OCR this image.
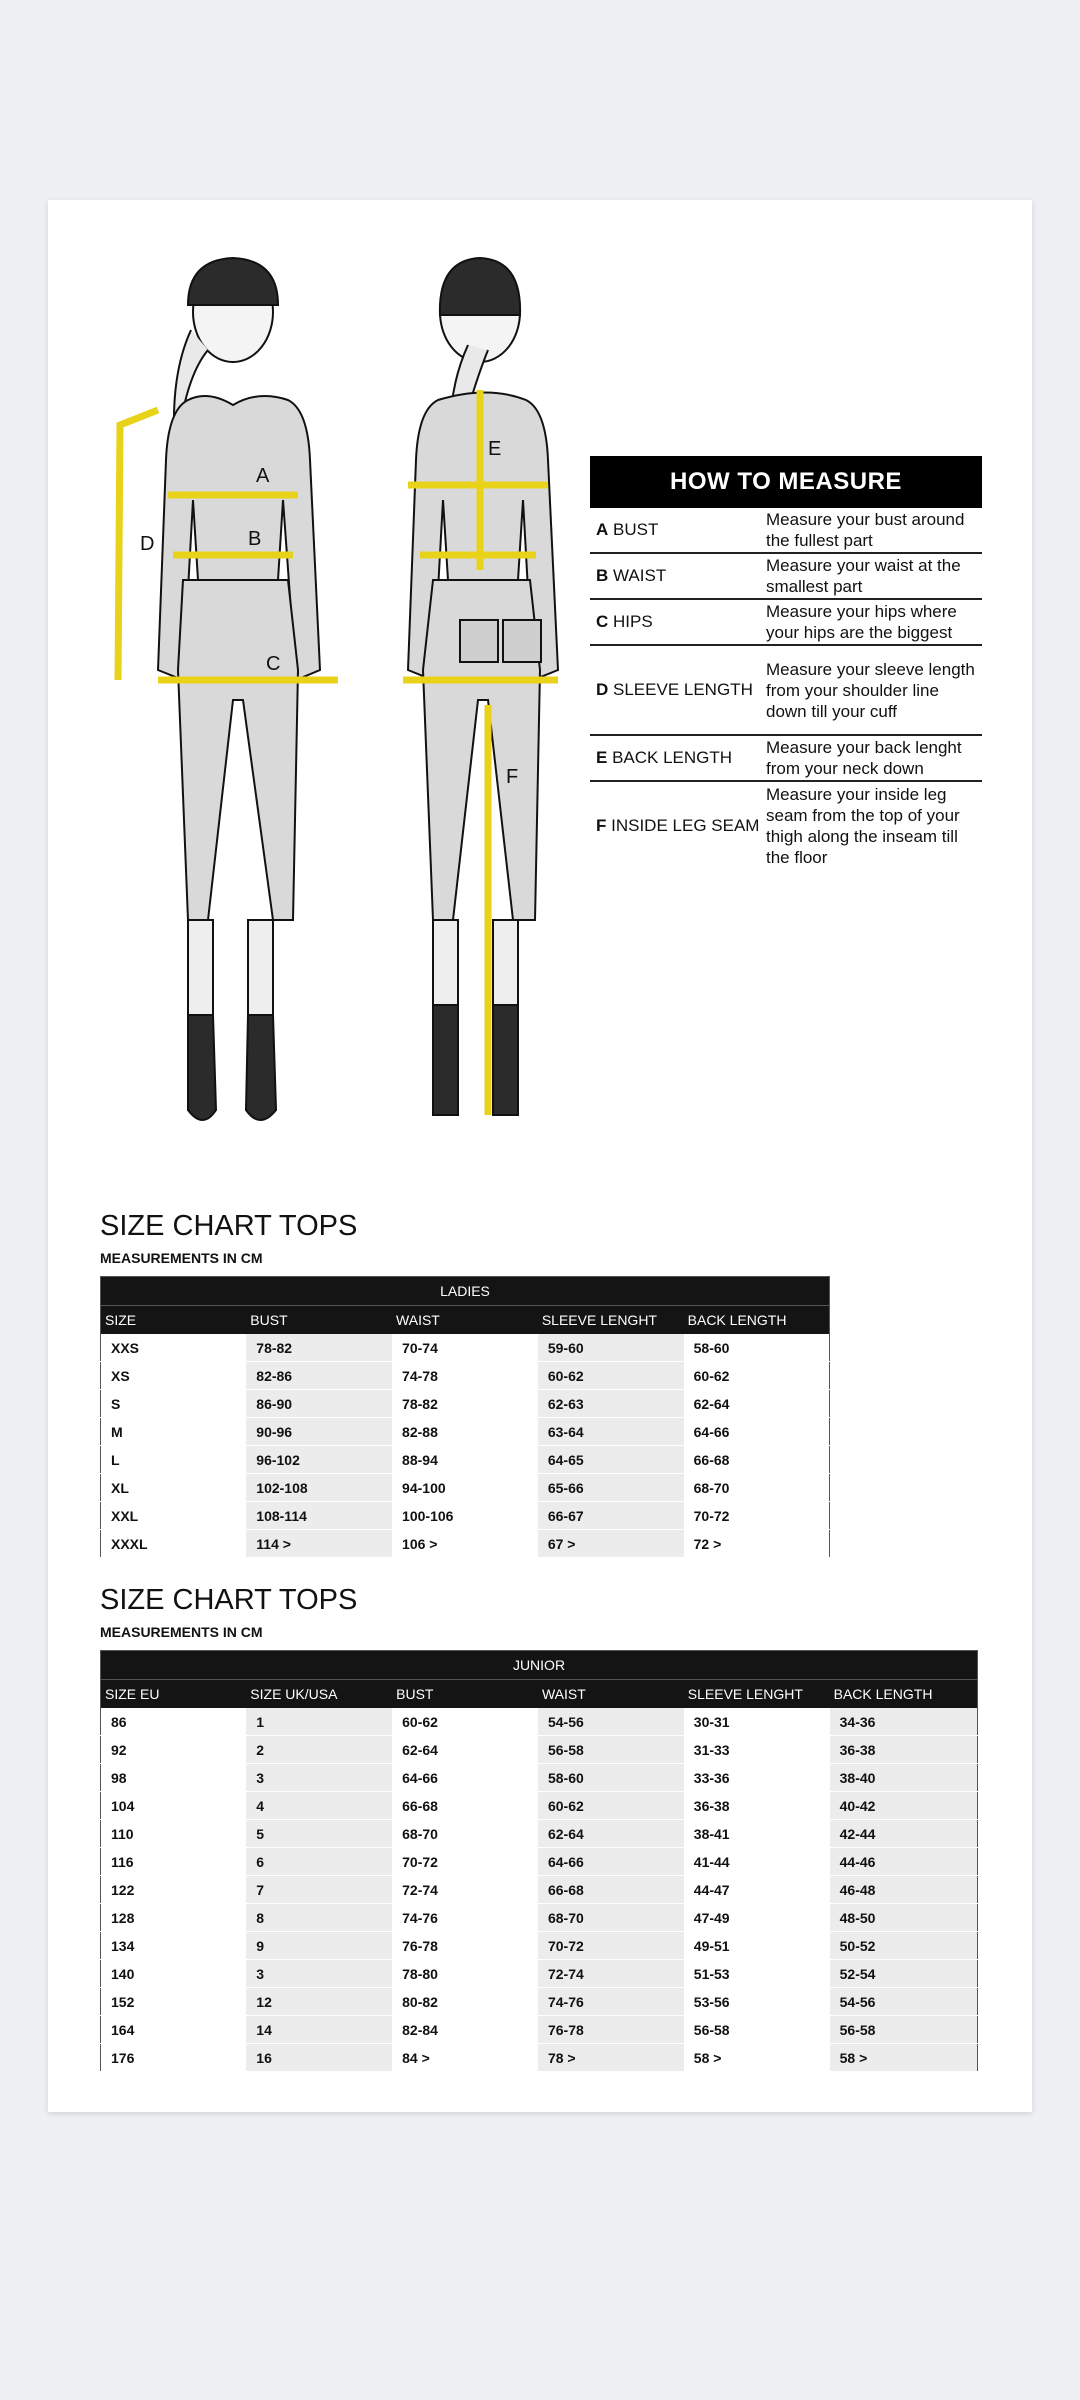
A
B
C
D
E
F
HOW TO MEASURE
A BUST
Measure your bust around the fullest part
B WAIST
Measure your waist at the smallest part
C HIPS
Measure your hips where your hips are the biggest
D SLEEVE LENGTH
Measure your sleeve length from your shoulder line down till your cuff
E BACK LENGTH
Measure your back lenght from your neck down
F INSIDE LEG SEAM
Measure your inside leg seam from the top of your thigh along the inseam till the floor
SIZE CHART TOPS
MEASUREMENTS IN CM
LADIES				
SIZE	BUST	WAIST	SLEEVE LENGHT	BACK LENGTH
XXS	78-82	70-74	59-60	58-60
XS	82-86	74-78	60-62	60-62
S	86-90	78-82	62-63	62-64
M	90-96	82-88	63-64	64-66
L	96-102	88-94	64-65	66-68
XL	102-108	94-100	65-66	68-70
XXL	108-114	100-106	66-67	70-72
XXXL	114 >	106 >	67 >	72 >
SIZE CHART TOPS
MEASUREMENTS IN CM
JUNIOR					
SIZE EU	SIZE UK/USA	BUST	WAIST	SLEEVE LENGHT	BACK LENGTH
86	1	60-62	54-56	30-31	34-36
92	2	62-64	56-58	31-33	36-38
98	3	64-66	58-60	33-36	38-40
104	4	66-68	60-62	36-38	40-42
110	5	68-70	62-64	38-41	42-44
116	6	70-72	64-66	41-44	44-46
122	7	72-74	66-68	44-47	46-48
128	8	74-76	68-70	47-49	48-50
134	9	76-78	70-72	49-51	50-52
140	3	78-80	72-74	51-53	52-54
152	12	80-82	74-76	53-56	54-56
164	14	82-84	76-78	56-58	56-58
176	16	84 >	78 >	58 >	58 >
